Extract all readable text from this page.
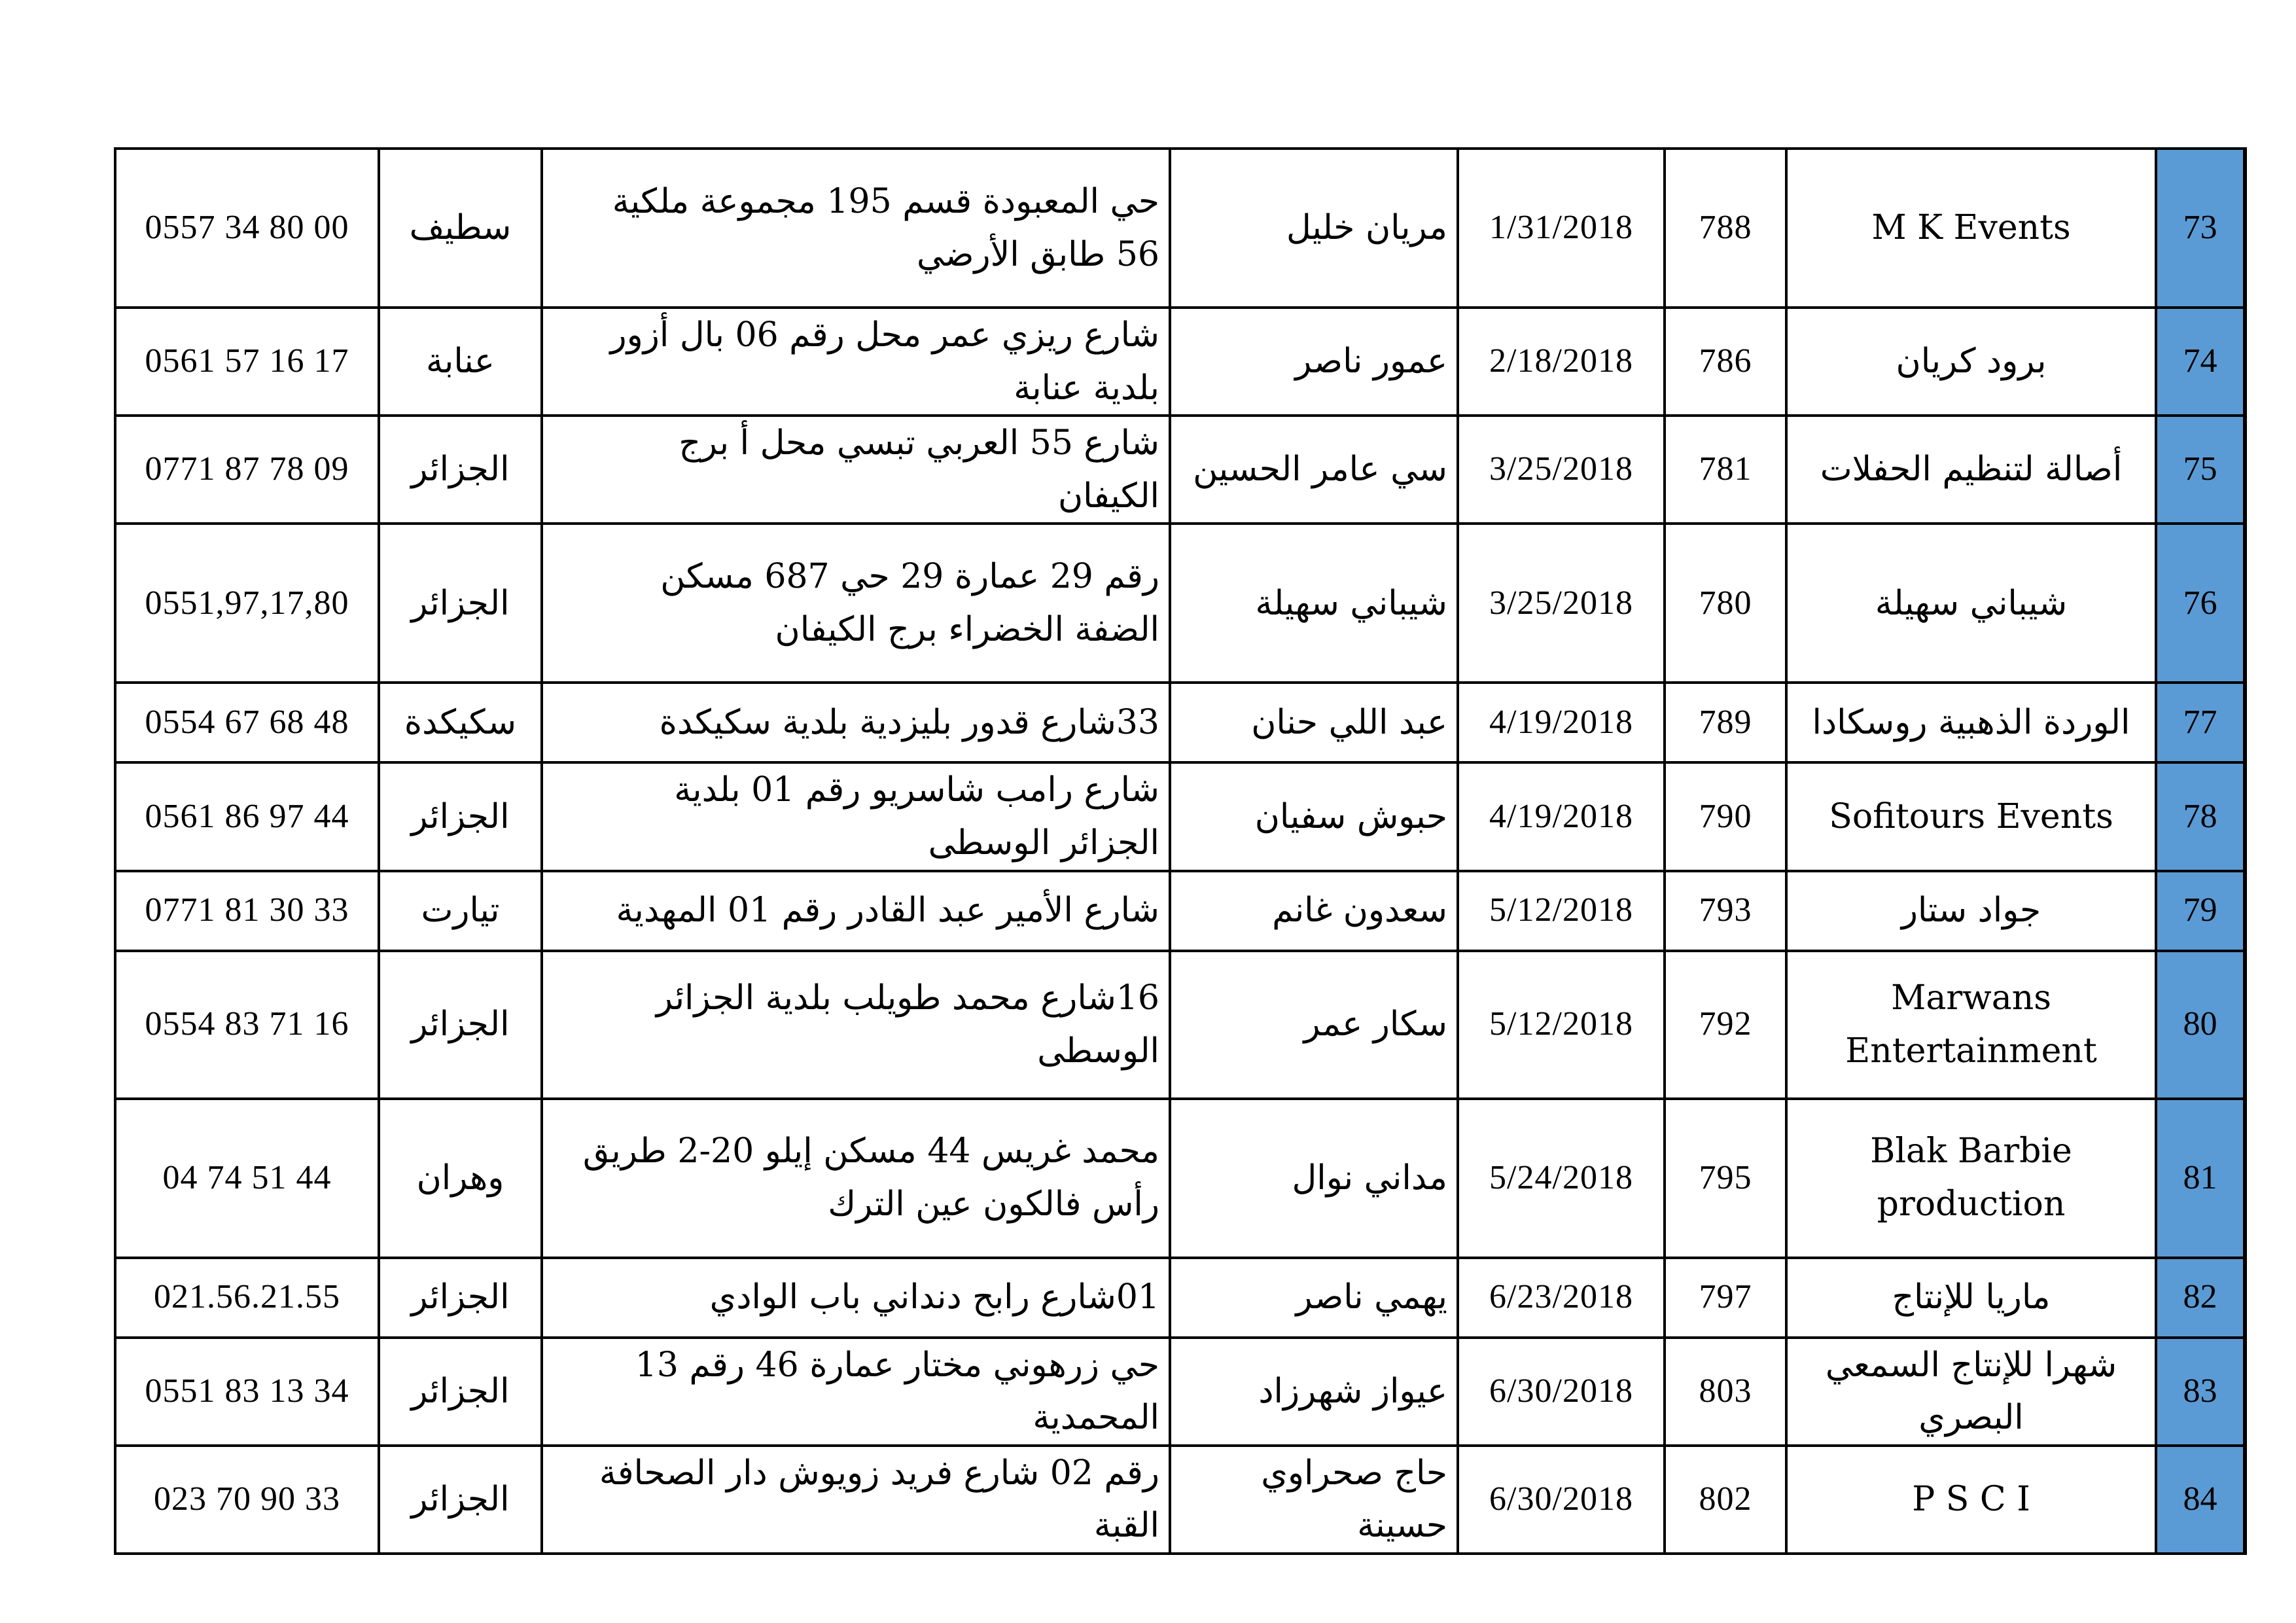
0557 34 80 00	سطيف	حي المعبودة قسم 195 مجموعة ملكية 56 طابق الأرضي	مريان خليل	1/31/2018	788	M K Events	73
0561 57 16 17	عنابة	شارع ريزي عمر محل رقم 06 بال أزور بلدية عنابة	عمور ناصر	2/18/2018	786	برود كريان	74
0771 87 78 09	الجزائر	شارع 55 العربي تبسي محل أ برج الكيفان	سي عامر الحسين	3/25/2018	781	أصالة لتنظيم الحفلات	75
0551,97,17,80	الجزائر	رقم 29 عمارة 29 حي 687 مسكن الضفة الخضراء برج الكيفان	شيباني سهيلة	3/25/2018	780	شيباني سهيلة	76
0554 67 68 48	سكيكدة	33شارع قدور بليزدية بلدية سكيكدة	عبد اللي حنان	4/19/2018	789	الوردة الذهبية روسكادا	77
0561 86 97 44	الجزائر	شارع رامب شاسريو رقم 01 بلدية الجزائر الوسطى	حبوش سفيان	4/19/2018	790	Sofitours Events	78
0771 81 30 33	تيارت	شارع الأمير عبد القادر رقم 01 المهدية	سعدون غانم	5/12/2018	793	جواد ستار	79
0554 83 71 16	الجزائر	16شارع محمد طويلب بلدية الجزائر الوسطى	سكار عمر	5/12/2018	792	Marwans Entertainment	80
04 74 51 44	وهران	محمد غريس 44 مسكن إيلو 20-2 طريق رأس فالكون عين الترك	مداني نوال	5/24/2018	795	Blak Barbie production	81
021.56.21.55	الجزائر	01شارع رابح دنداني باب الوادي	يهمي ناصر	6/23/2018	797	ماريا للإنتاج	82
0551 83 13 34	الجزائر	حي زرهوني مختار عمارة 46 رقم 13 المحمدية	عيواز شهرزاد	6/30/2018	803	شهرا للإنتاج السمعي البصري	83
023 70 90 33	الجزائر	رقم 02 شارع فريد زويوش دار الصحافة القبة	حاج صحراوي حسينة	6/30/2018	802	P S C I	84
